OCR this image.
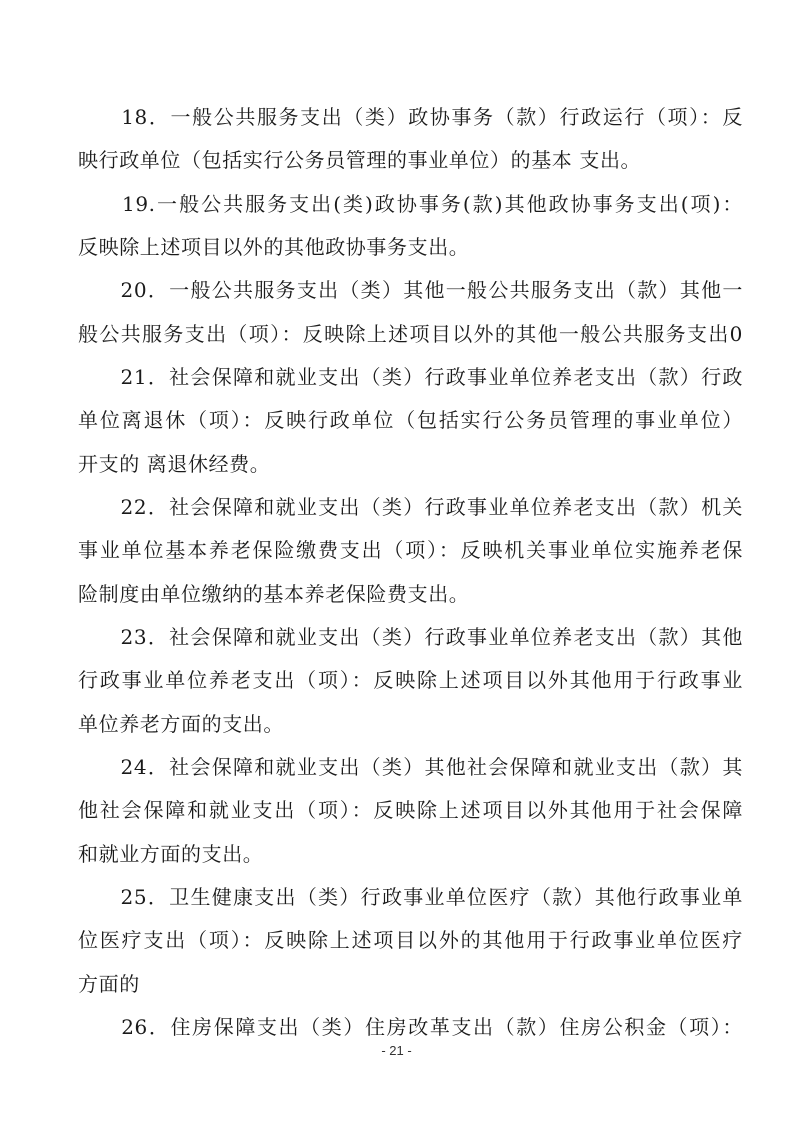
　　18．一般公共服务支出（类）政协事务（款）行政运行（项）：反
映行政单位（包括实行公务员管理的事业单位）的基本 支出。
　　19.一般公共服务支出(类)政协事务(款)其他政协事务支出(项)：
反映除上述项目以外的其他政协事务支出。
　　20．一般公共服务支出（类）其他一般公共服务支出（款）其他一
般公共服务支出（项）：反映除上述项目以外的其他一般公共服务支出0
　　21．社会保障和就业支出（类）行政事业单位养老支出（款）行政
单位离退休（项）：反映行政单位（包括实行公务员管理的事业单位）
开支的 离退休经费。
　　22．社会保障和就业支出（类）行政事业单位养老支出（款）机关
事业单位基本养老保险缴费支出（项）：反映机关事业单位实施养老保
险制度由单位缴纳的基本养老保险费支出。
　　23．社会保障和就业支出（类）行政事业单位养老支出（款）其他
行政事业单位养老支出（项）：反映除上述项目以外其他用于行政事业
单位养老方面的支出。
　　24．社会保障和就业支出（类）其他社会保障和就业支出（款）其
他社会保障和就业支出（项）：反映除上述项目以外其他用于社会保障
和就业方面的支出。
　　25．卫生健康支出（类）行政事业单位医疗（款）其他行政事业单
位医疗支出（项）：反映除上述项目以外的其他用于行政事业单位医疗
方面的
　　26．住房保障支出（类）住房改革支出（款）住房公积金（项）：
- 21 -
